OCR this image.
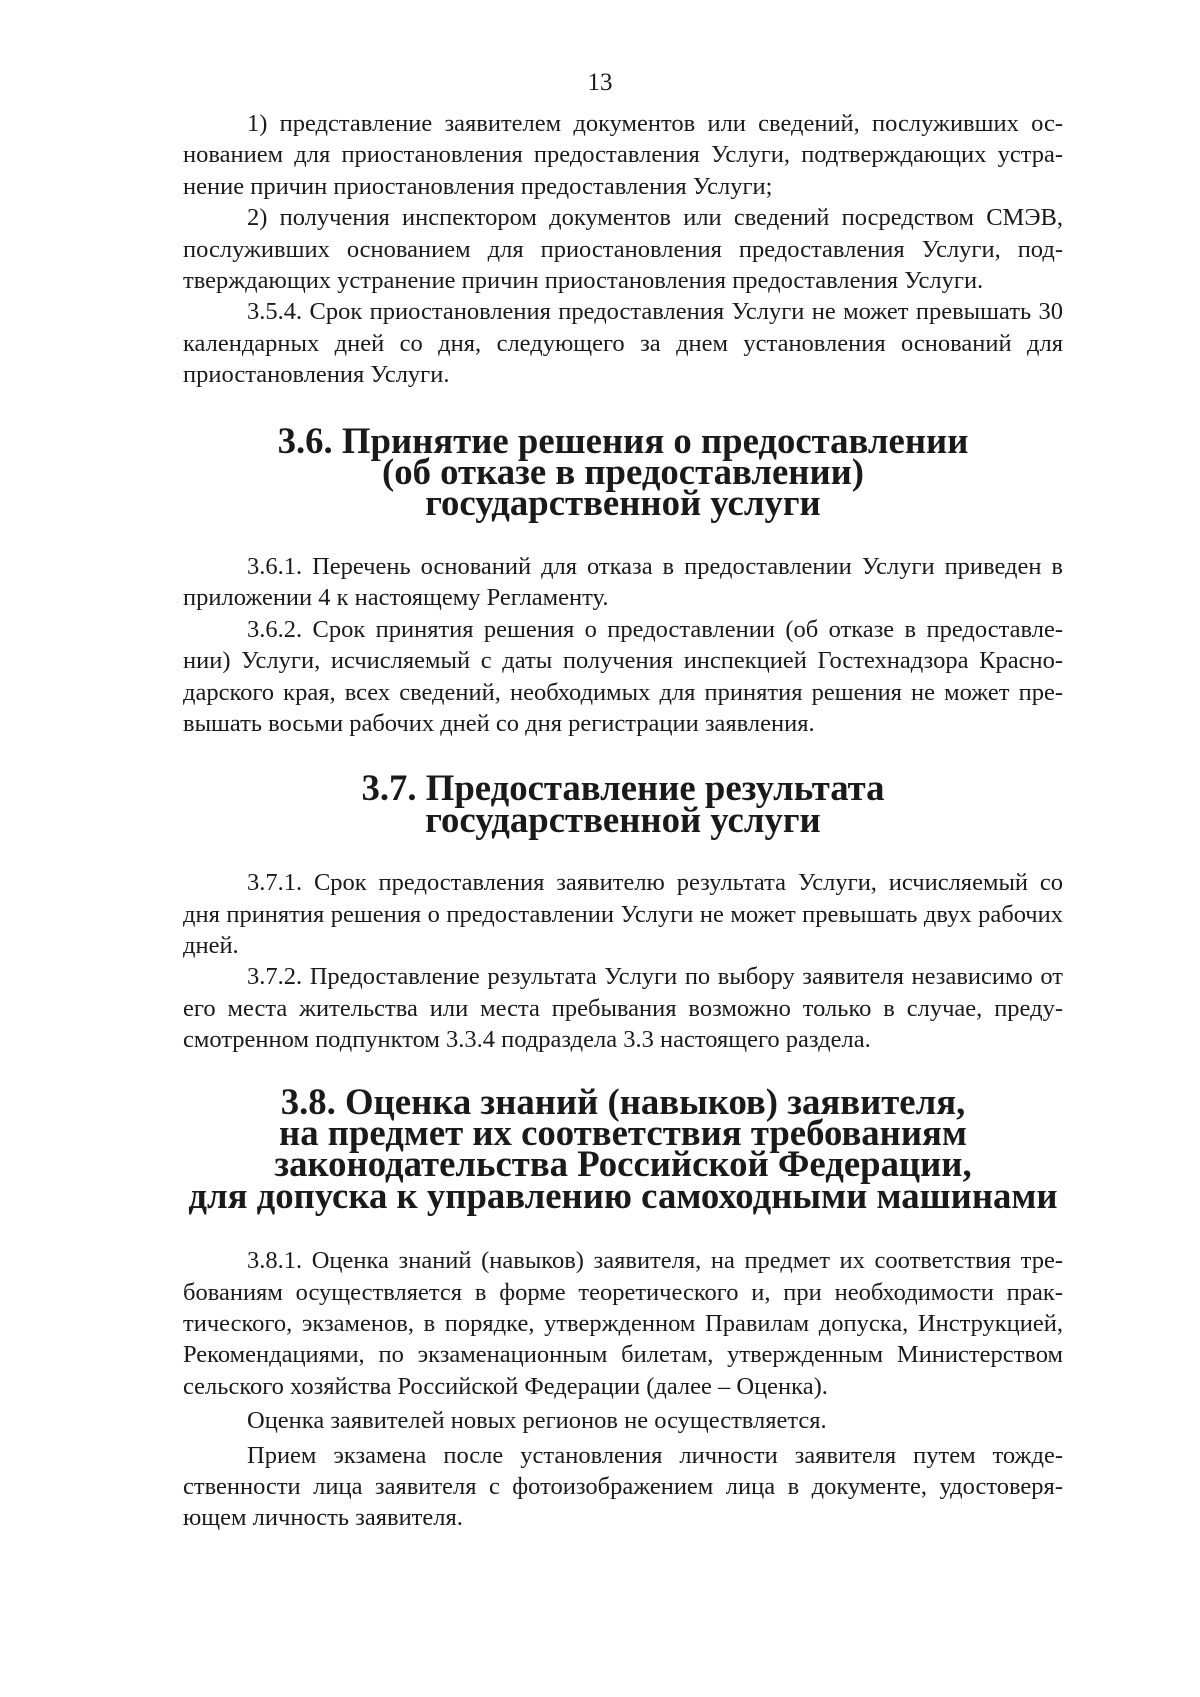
13

1) представление заявителем документов или сведений, послуживших основанием для приостановления предоставления Услуги, подтверждающих устранение причин приостановления предоставления Услуги;

2) получения инспектором документов или сведений посредством СМЭВ, послуживших основанием для приостановления предоставления Услуги, подтверждающих устранение причин приостановления предоставления Услуги.

3.5.4. Срок приостановления предоставления Услуги не может превышать 30 календарных дней со дня, следующего за днем установления оснований для приостановления Услуги.

3.6. Принятие решения о предоставлении
(об отказе в предоставлении)
государственной услуги

3.6.1. Перечень оснований для отказа в предоставлении Услуги приведен в приложении 4 к настоящему Регламенту.

3.6.2. Срок принятия решения о предоставлении (об отказе в предоставлении) Услуги, исчисляемый с даты получения инспекцией Гостехнадзора Краснодарского края, всех сведений, необходимых для принятия решения не может превышать восьми рабочих дней со дня регистрации заявления.

3.7. Предоставление результата
государственной услуги

3.7.1. Срок предоставления заявителю результата Услуги, исчисляемый со дня принятия решения о предоставлении Услуги не может превышать двух рабочих дней.

3.7.2. Предоставление результата Услуги по выбору заявителя независимо от его места жительства или места пребывания возможно только в случае, предусмотренном подпунктом 3.3.4 подраздела 3.3 настоящего раздела.

3.8. Оценка знаний (навыков) заявителя,
на предмет их соответствия требованиям
законодательства Российской Федерации,
для допуска к управлению самоходными машинами

3.8.1. Оценка знаний (навыков) заявителя, на предмет их соответствия требованиям осуществляется в форме теоретического и, при необходимости практического, экзаменов, в порядке, утвержденном Правилам допуска, Инструкцией, Рекомендациями, по экзаменационным билетам, утвержденным Министерством сельского хозяйства Российской Федерации (далее – Оценка).

Оценка заявителей новых регионов не осуществляется.

Прием экзамена после установления личности заявителя путем тождественности лица заявителя с фотоизображением лица в документе, удостоверяющем личность заявителя.
